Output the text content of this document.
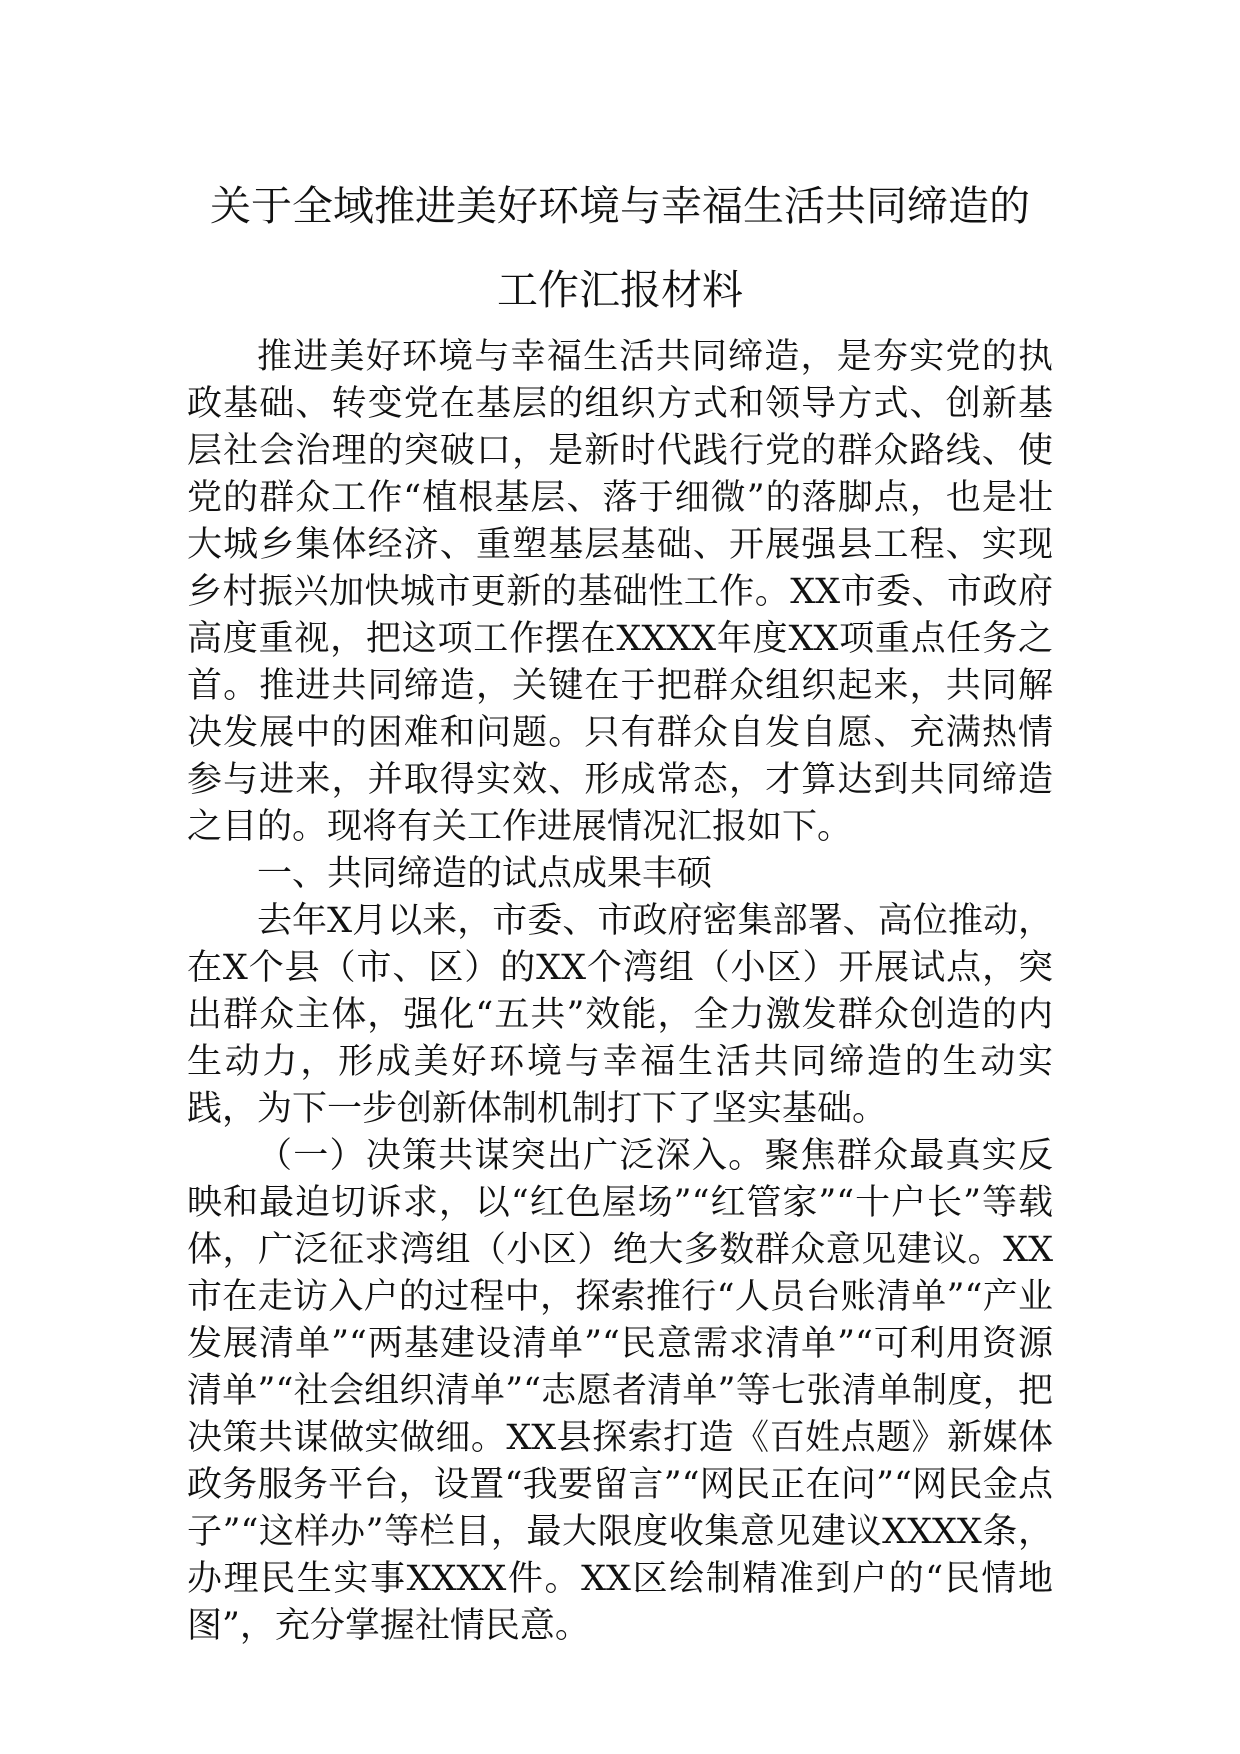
关于全域推进美好环境与幸福生活共同缔造的工作汇报材料

推进美好环境与幸福生活共同缔造，是夯实党的执政基础、转变党在基层的组织方式和领导方式、创新基层社会治理的突破口，是新时代践行党的群众路线、使党的群众工作“植根基层、落于细微”的落脚点，也是壮大城乡集体经济、重塑基层基础、开展强县工程、实现乡村振兴加快城市更新的基础性工作。XX市委、市政府高度重视，把这项工作摆在XXXX年度XX项重点任务之首。推进共同缔造，关键在于把群众组织起来，共同解决发展中的困难和问题。只有群众自发自愿、充满热情参与进来，并取得实效、形成常态，才算达到共同缔造之目的。现将有关工作进展情况汇报如下。

一、共同缔造的试点成果丰硕

去年X月以来，市委、市政府密集部署、高位推动，在X个县（市、区）的XX个湾组（小区）开展试点，突出群众主体，强化“五共”效能，全力激发群众创造的内生动力，形成美好环境与幸福生活共同缔造的生动实践，为下一步创新体制机制打下了坚实基础。

（一）决策共谋突出广泛深入。聚焦群众最真实反映和最迫切诉求，以“红色屋场”“红管家”“十户长”等载体，广泛征求湾组（小区）绝大多数群众意见建议。XX市在走访入户的过程中，探索推行“人员台账清单”“产业发展清单”“两基建设清单”“民意需求清单”“可利用资源清单”“社会组织清单”“志愿者清单”等七张清单制度，把决策共谋做实做细。XX县探索打造《百姓点题》新媒体政务服务平台，设置“我要留言”“网民正在问”“网民金点子”“这样办”等栏目，最大限度收集意见建议XXXX条，办理民生实事XXXX件。XX区绘制精准到户的“民情地图”，充分掌握社情民意。
